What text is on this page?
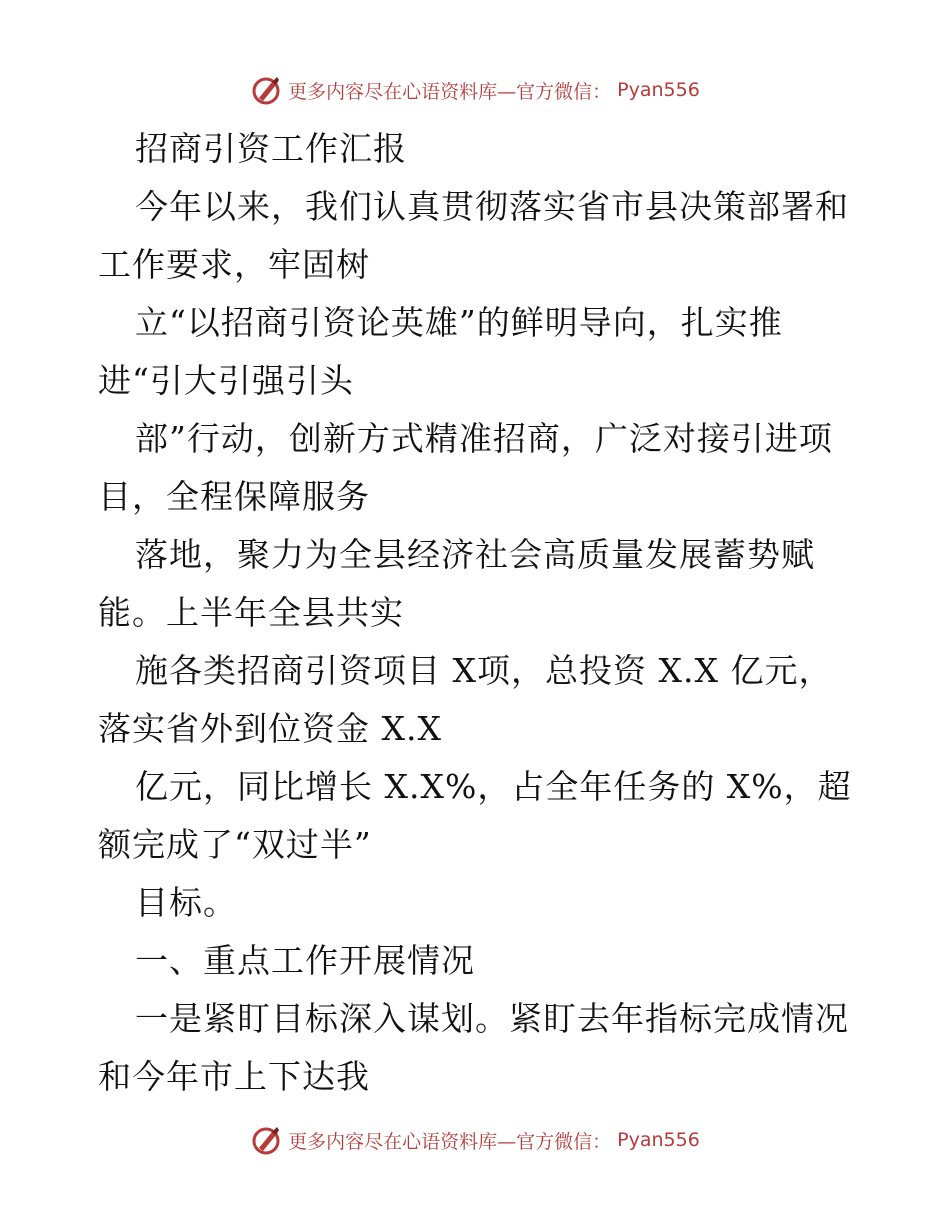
更多内容尽在心语资料库—官方微信： Pyan556
招商引资工作汇报
今年以来，我们认真贯彻落实省市县决策部署和
工作要求，牢固树
立“以招商引资论英雄”的鲜明导向，扎实推
进“引大引强引头
部”行动，创新方式精准招商，广泛对接引进项
目，全程保障服务
落地，聚力为全县经济社会高质量发展蓄势赋
能。上半年全县共实
施各类招商引资项目 X项，总投资 X.X 亿元，
落实省外到位资金 X.X
亿元，同比增长 X.X%，占全年任务的 X%，超
额完成了“双过半”
目标。
一、重点工作开展情况
一是紧盯目标深入谋划。紧盯去年指标完成情况
和今年市上下达我
更多内容尽在心语资料库—官方微信： Pyan556
